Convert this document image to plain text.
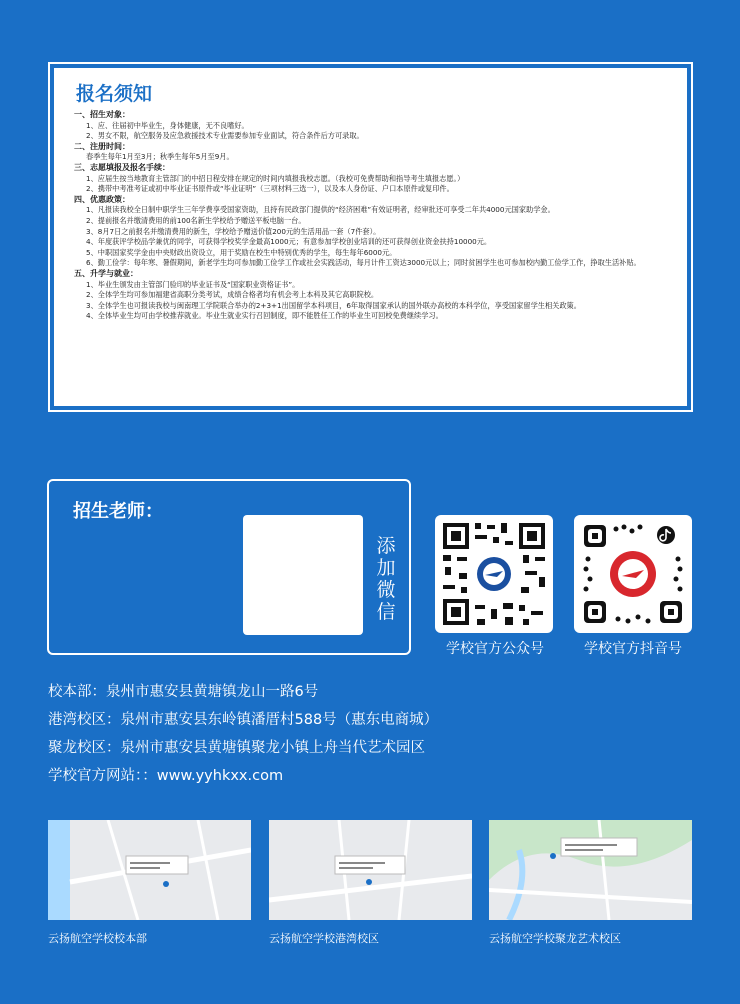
报名须知
一、招生对象：
1、应、往届初中毕业生，身体健康，无不良嗜好。
2、男女不限，航空服务及应急救援技术专业需要参加专业面试，符合条件后方可录取。
二、注册时间：
春季生每年1月至3月；秋季生每年5月至9月。
三、志愿填报及报名手续：
1、应届生按当地教育主管部门的中招日程安排在规定的时间内填报我校志愿。（我校可免费帮助和指导考生填报志愿。）
2、携带中考准考证或初中毕业证书原件或“毕业证明”（三项材料三选一），以及本人身份证、户口本原件或复印件。
四、优惠政策：
1、凡报读我校全日制中职学生三年学费享受国家资助，且持有民政部门提供的“经济困难”有效证明者，经审批还可享受二年共4000元国家助学金。
2、提前报名并缴清费用的前100名新生学校给予赠送平板电脑一台。
3、8月7日之前报名并缴清费用的新生，学校给予赠送价值200元的生活用品一套（7件套）。
4、年度获评学校品学兼优的同学，可获得学校奖学金最高1000元；有意参加学校创业培训的还可获得创业资金扶持10000元。
5、中职国家奖学金由中央财政出资设立，用于奖励在校生中特别优秀的学生，每生每年6000元。
6、勤工俭学：每年寒、暑假期间，新老学生均可参加勤工俭学工作或社会实践活动，每月计件工资达3000元以上；同时贫困学生也可参加校内勤工俭学工作，挣取生活补贴。
五、升学与就业：
1、毕业生颁发由主管部门验印的毕业证书及“国家职业资格证书”。
2、全体学生均可参加福建省高职分类考试，成绩合格者均有机会考上本科及其它高职院校。
3、全体学生也可报读我校与闽南理工学院联合举办的2+3+1出国留学本科项目，6年取得国家承认的国外联办高校的本科学位，享受国家留学生相关政策。
4、全体毕业生均可由学校推荐就业。毕业生就业实行召回制度，即不能胜任工作的毕业生可回校免费继续学习。
招生老师：
添加微信
学校官方公众号	学校官方抖音号
校本部：泉州市惠安县黄塘镇龙山一路6号
港湾校区：泉州市惠安县东岭镇潘厝村588号（惠东电商城）
聚龙校区：泉州市惠安县黄塘镇聚龙小镇上舟当代艺术园区
学校官方网站：：www.yyhkxx.com
云扬航空学校校本部	云扬航空学校港湾校区	云扬航空学校聚龙艺术校区
